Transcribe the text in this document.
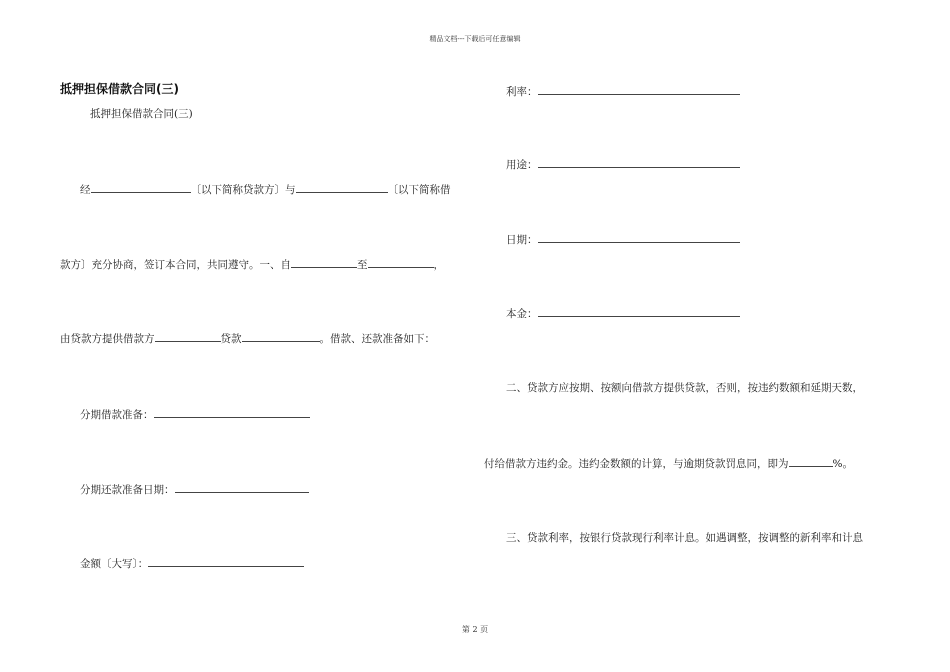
精品文档---下载后可任意编辑
抵押担保借款合同(三)
抵押担保借款合同(三)
经	〔以下简称贷款方〕与	〔以下简称借
款方〕充分协商，签订本合同，共同遵守。一、自	至	，
由贷款方提供借款方	贷款	。借款、还款准备如下：
分期借款准备：
分期还款准备日期：
金额〔大写〕：
利率：
用途：
日期：
本金：
二、贷款方应按期、按额向借款方提供贷款，否则，按违约数额和延期天数，
付给借款方违约金。违约金数额的计算，与逾期贷款罚息同，即为	%。
三、贷款利率，按银行贷款现行利率计息。如遇调整，按调整的新利率和计息
第 2 页
